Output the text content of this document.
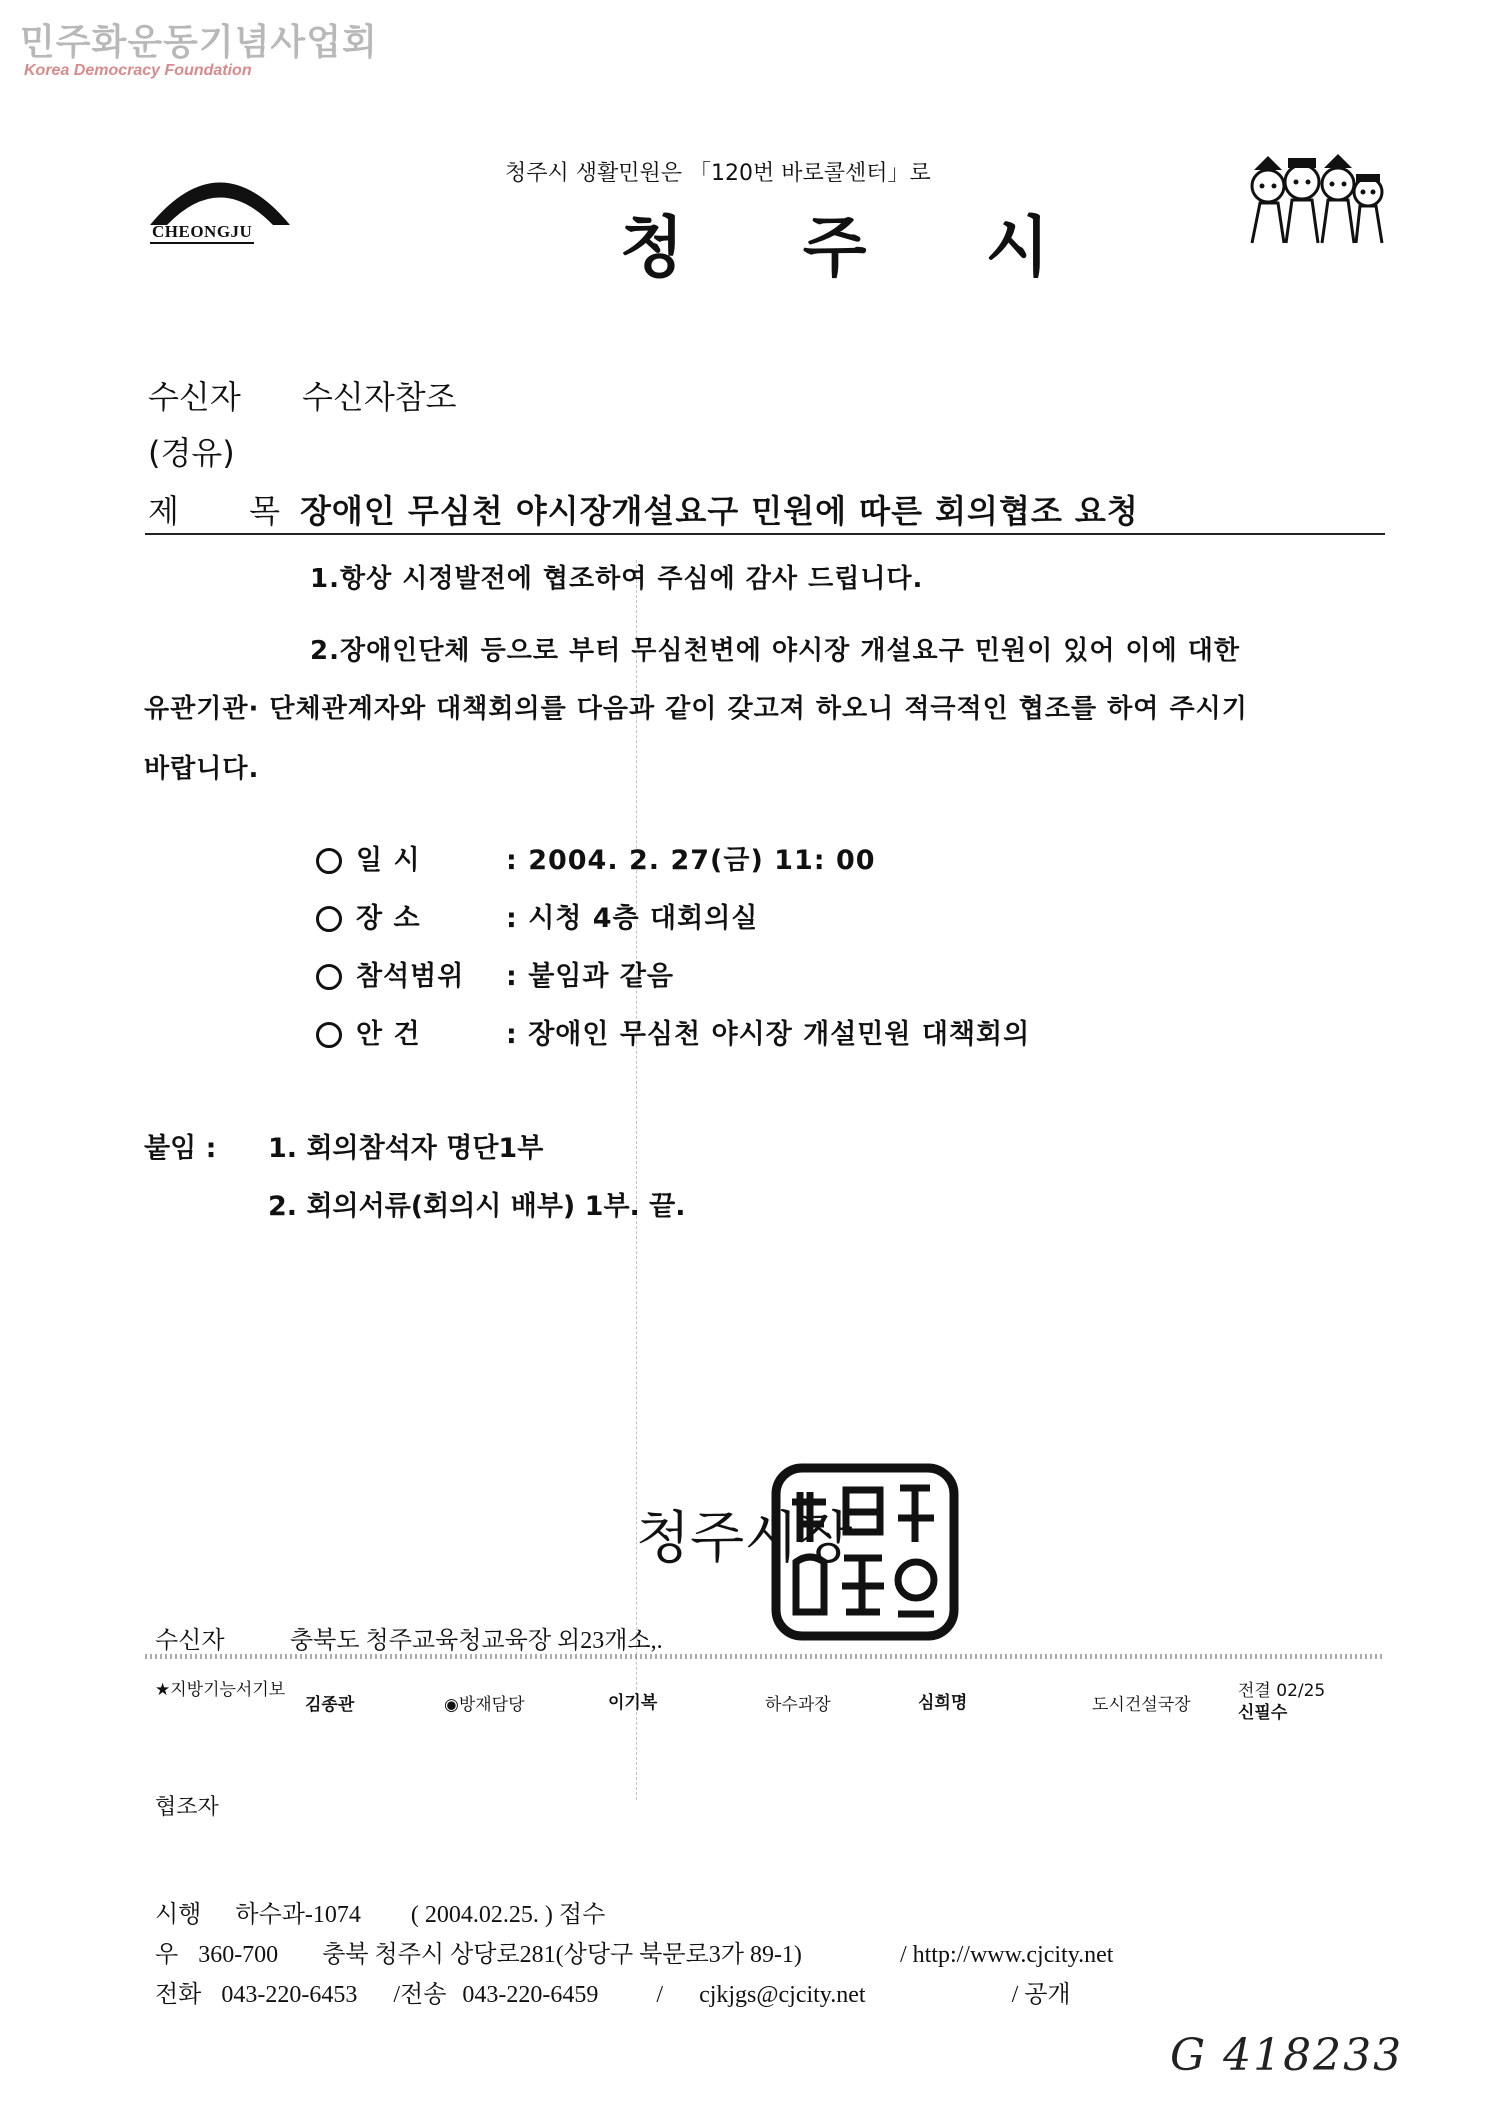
민주화운동기념사업회
Korea Democracy Foundation
CHEONGJU
청주시 생활민원은 「120번 바로콜센터」로
청 주 시
수신자 수신자참조
(경유)
제 목
장애인 무심천 야시장개설요구 민원에 따른 회의협조 요청
1.항상 시정발전에 협조하여 주심에 감사 드립니다.
2.장애인단체 등으로 부터 무심천변에 야시장 개설요구 민원이 있어 이에 대한
유관기관· 단체관계자와 대책회의를 다음과 같이 갖고져 하오니 적극적인 협조를 하여 주시기
바랍니다.
일 시	: 2004. 2. 27(금) 11: 00
장 소	: 시청 4층 대회의실
참석범위 : 붙임과 같음
안 건	: 장애인 무심천 야시장 개설민원 대책회의
붙임 : 1. 회의참석자 명단1부
2. 회의서류(회의시 배부) 1부. 끝.
청주시장
수신자	충북도 청주교육청교육장 외23개소,.
★지방기능서기보
김종관	◉방재담당	이기복	하수과장	심희명	도시건설국장
전결 02/25
신필수
협조자
시행 하수과-1074 ( 2004.02.25. ) 접수
우 360-700 충북 청주시 상당로281(상당구 북문로3가 89-1)	/ http://www.cjcity.net
전화 043-220-6453 /전송 043-220-6459 / cjkjgs@cjcity.net	/ 공개
G 418233
